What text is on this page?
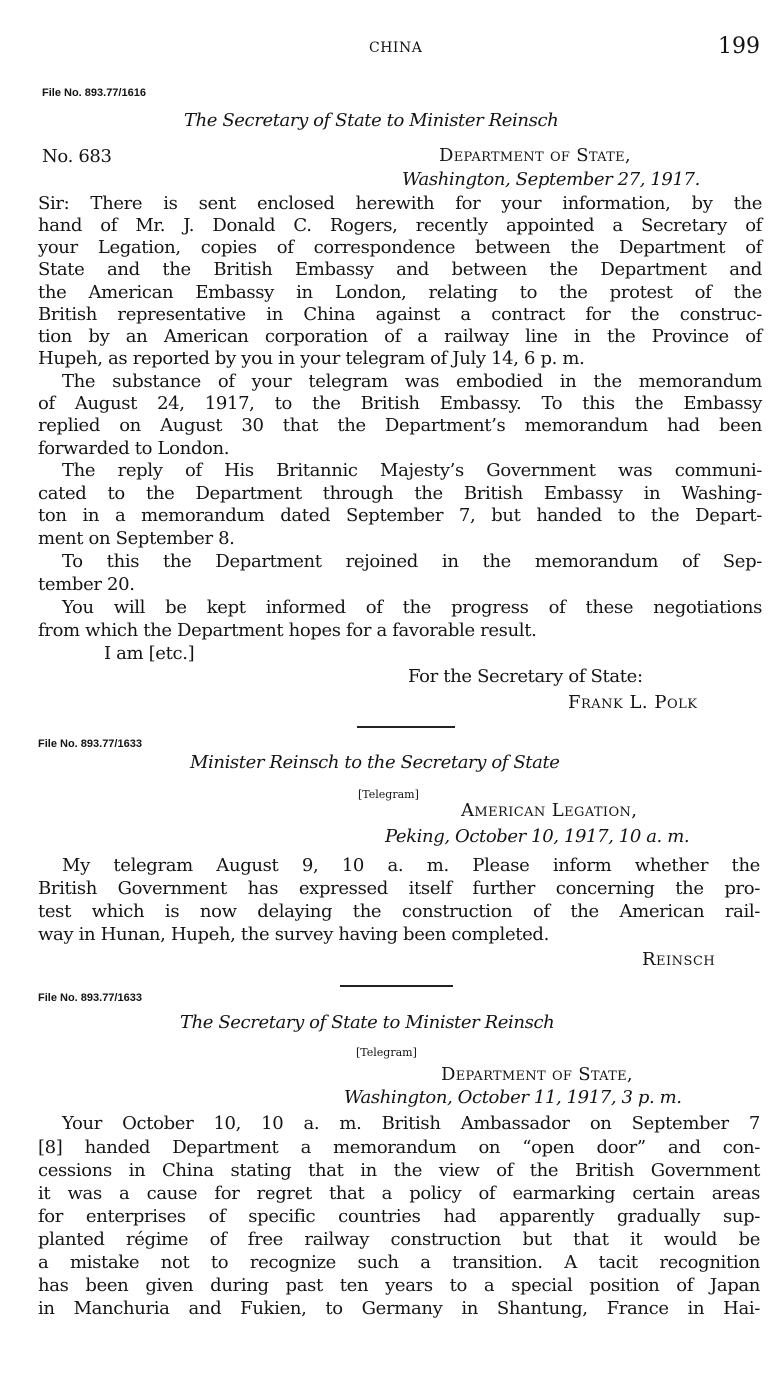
CHINA	199
File No. 893.77/1616
The Secretary of State to Minister Reinsch
No. 683	Department of State,
Washington, September 27, 1917.
Sir: There is sent enclosed herewith for your information, by the
hand of Mr. J. Donald C. Rogers, recently appointed a Secretary of
your Legation, copies of correspondence between the Department of
State and the British Embassy and between the Department and
the American Embassy in London, relating to the protest of the
British representative in China against a contract for the construc-
tion by an American corporation of a railway line in the Province of
Hupeh, as reported by you in your telegram of July 14, 6 p. m.
The substance of your telegram was embodied in the memorandum
of August 24, 1917, to the British Embassy. To this the Embassy
replied on August 30 that the Department’s memorandum had been
forwarded to London.
The reply of His Britannic Majesty’s Government was communi-
cated to the Department through the British Embassy in Washing-
ton in a memorandum dated September 7, but handed to the Depart-
ment on September 8.
To this the Department rejoined in the memorandum of Sep-
tember 20.
You will be kept informed of the progress of these negotiations
from which the Department hopes for a favorable result.
I am [etc.]
For the Secretary of State:
Frank L. Polk
File No. 893.77/1633
Minister Reinsch to the Secretary of State
[Telegram]
American Legation,
Peking, October 10, 1917, 10 a. m.
My telegram August 9, 10 a. m. Please inform whether the
British Government has expressed itself further concerning the pro-
test which is now delaying the construction of the American rail-
way in Hunan, Hupeh, the survey having been completed.
Reinsch
File No. 893.77/1633
The Secretary of State to Minister Reinsch
[Telegram]
Department of State,
Washington, October 11, 1917, 3 p. m.
Your October 10, 10 a. m. British Ambassador on September 7
[8] handed Department a memorandum on “open door” and con-
cessions in China stating that in the view of the British Government
it was a cause for regret that a policy of earmarking certain areas
for enterprises of specific countries had apparently gradually sup-
planted régime of free railway construction but that it would be
a mistake not to recognize such a transition. A tacit recognition
has been given during past ten years to a special position of Japan
in Manchuria and Fukien, to Germany in Shantung, France in Hai-
